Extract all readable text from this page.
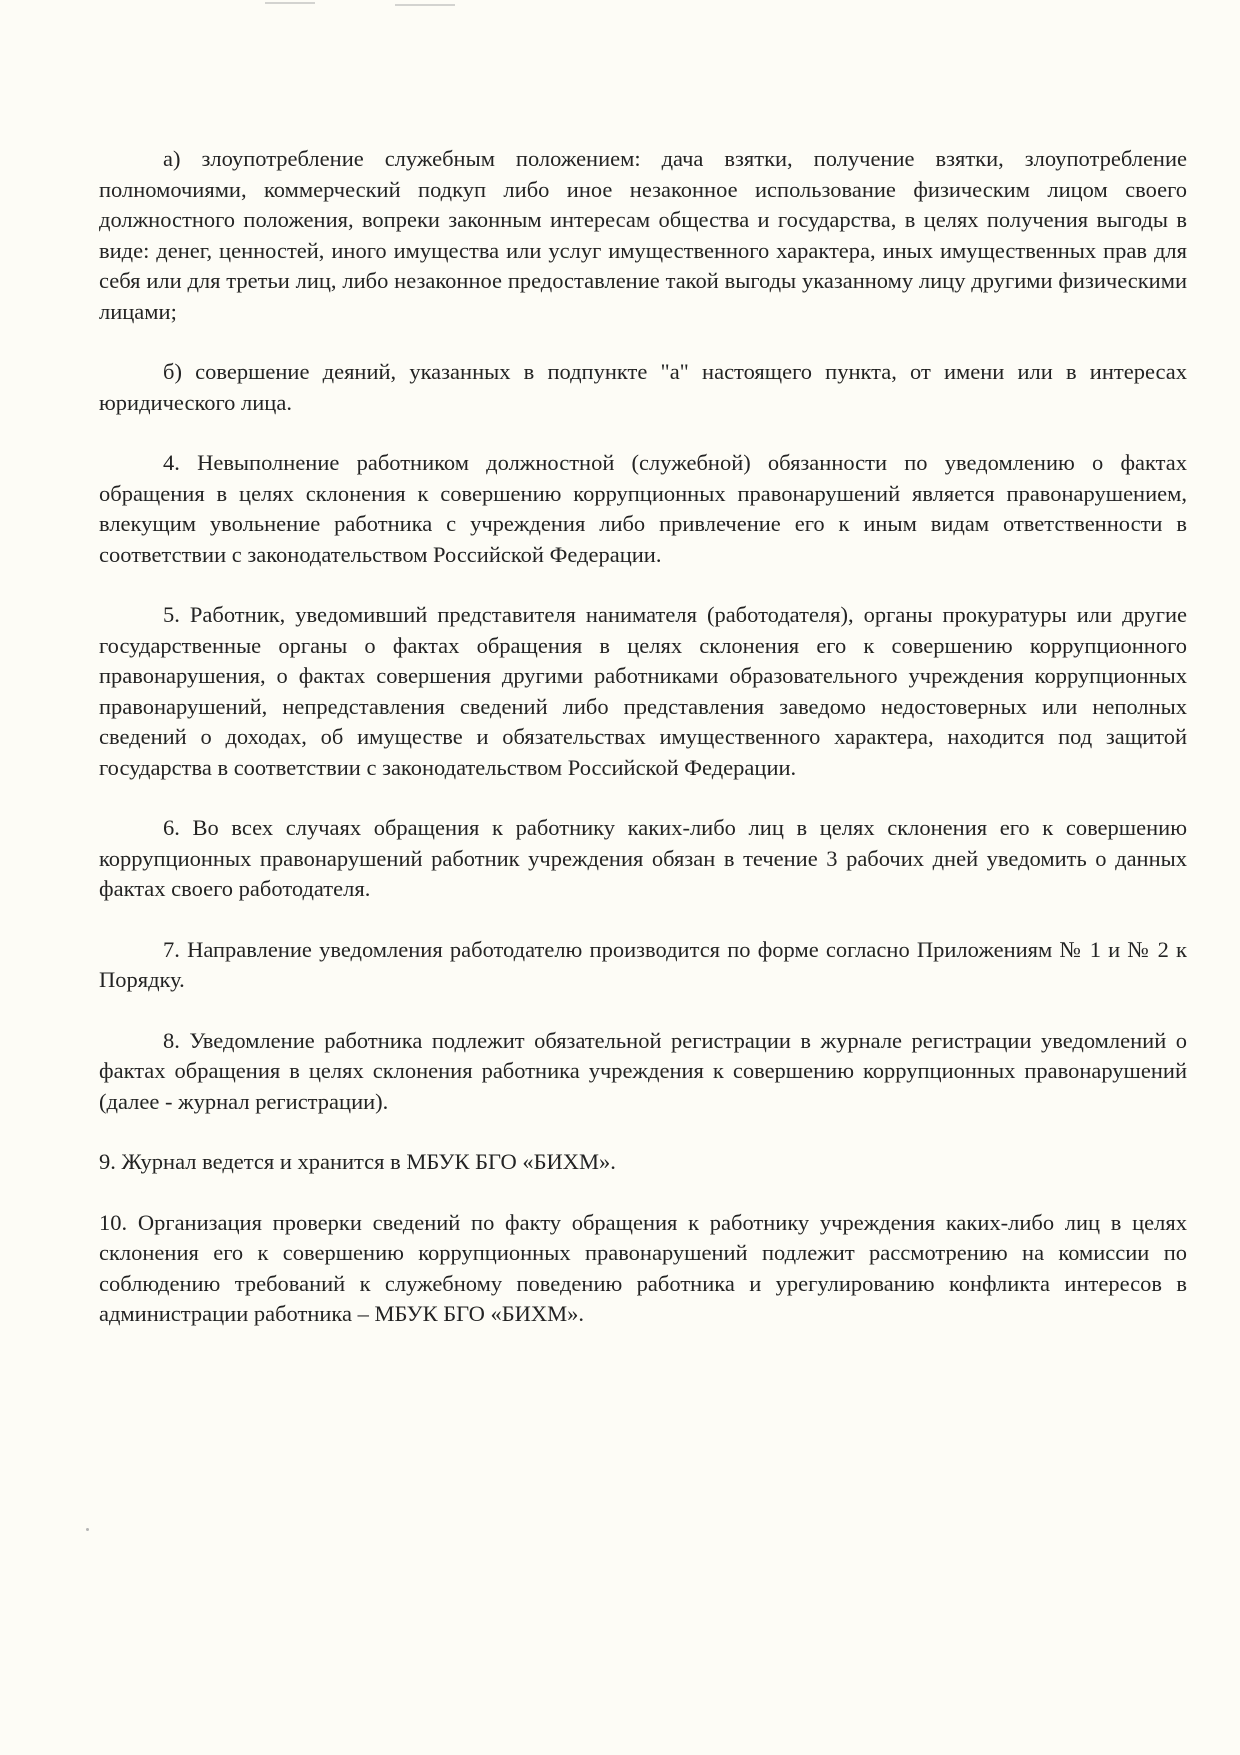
а) злоупотребление служебным положением: дача взятки, получение взятки, злоупотребление полномочиями, коммерческий подкуп либо иное незаконное использование физическим лицом своего должностного положения, вопреки законным интересам общества и государства, в целях получения выгоды в виде: денег, ценностей, иного имущества или услуг имущественного характера, иных имущественных прав для себя или для третьи лиц, либо незаконное предоставление такой выгоды указанному лицу другими физическими лицами;

б) совершение деяний, указанных в подпункте "а" настоящего пункта, от имени или в интересах юридического лица.

4. Невыполнение работником должностной (служебной) обязанности по уведомлению о фактах обращения в целях склонения к совершению коррупционных правонарушений является правонарушением, влекущим увольнение работника с учреждения либо привлечение его к иным видам ответственности в соответствии с законодательством Российской Федерации.

5. Работник, уведомивший представителя нанимателя (работодателя), органы прокуратуры или другие государственные органы о фактах обращения в целях склонения его к совершению коррупционного правонарушения, о фактах совершения другими работниками образовательного учреждения коррупционных правонарушений, непредставления сведений либо представления заведомо недостоверных или неполных сведений о доходах, об имуществе и обязательствах имущественного характера, находится под защитой государства в соответствии с законодательством Российской Федерации.

6. Во всех случаях обращения к работнику каких-либо лиц в целях склонения его к совершению коррупционных правонарушений работник учреждения обязан в течение 3 рабочих дней уведомить о данных фактах своего работодателя.

7. Направление уведомления работодателю производится по форме согласно Приложениям № 1 и № 2 к Порядку.

8. Уведомление работника подлежит обязательной регистрации в журнале регистрации уведомлений о фактах обращения в целях склонения работника учреждения к совершению коррупционных правонарушений (далее - журнал регистрации).

9. Журнал ведется и хранится в МБУК БГО «БИХМ».

10. Организация проверки сведений по факту обращения к работнику учреждения каких-либо лиц в целях склонения его к совершению коррупционных правонарушений подлежит рассмотрению на комиссии по соблюдению требований к служебному поведению работника и урегулированию конфликта интересов в администрации работника – МБУК БГО «БИХМ».
